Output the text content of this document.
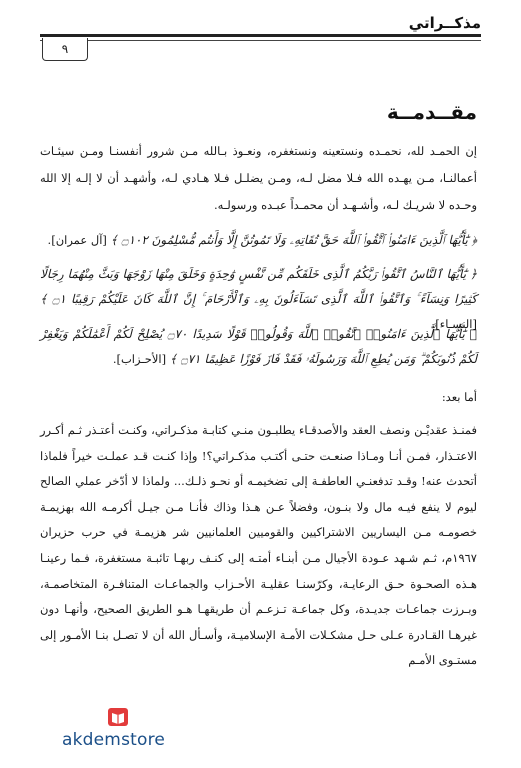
مذكــراتي
٩
مقــدمــة

إن الحمـد لله، نحمـده ونستعينه ونستغفره، ونعـوذ بـالله مـن شرور أنفسنـا ومـن سيئـات أعمالنـا، مـن يهـده الله فـلا مضل لـه، ومـن يضلـل فـلا هـادي لـه، وأشهـد أن لا إلـه إلا الله وحـده لا شريـك لـه، وأشـهـد أن محمـداً عبـده ورسولـه.

﴿ يَٰٓأَيُّهَا ٱلَّذِينَ ءَامَنُوا۟ ٱتَّقُوا۟ ٱللَّهَ حَقَّ تُقَاتِهِۦ وَلَا تَمُوتُنَّ إِلَّا وَأَنتُم مُّسْلِمُونَ ۝١٠٢ ﴾ [آل عمران].

﴿ يَٰٓأَيُّهَا ٱلنَّاسُ ٱتَّقُوا۟ رَبَّكُمُ ٱلَّذِى خَلَقَكُم مِّن نَّفْسٍ وَٰحِدَةٍ وَخَلَقَ مِنْهَا زَوْجَهَا وَبَثَّ مِنْهُمَا رِجَالًا كَثِيرًا وَنِسَآءً ۚ وَٱتَّقُوا۟ ٱللَّهَ ٱلَّذِى تَسَآءَلُونَ بِهِۦ وَٱلْأَرْحَامَ ۚ إِنَّ ٱللَّهَ كَانَ عَلَيْكُمْ رَقِيبًا ۝١ ﴾ [النسـاء].

﴿ يَٰٓأَيُّهَا ٱلَّذِينَ ءَامَنُوا۟ ٱتَّقُوا۟ ٱللَّهَ وَقُولُوا۟ قَوْلًا سَدِيدًا ۝٧٠ يُصْلِحْ لَكُمْ أَعْمَٰلَكُمْ وَيَغْفِرْ لَكُمْ ذُنُوبَكُمْ ۗ وَمَن يُطِعِ ٱللَّهَ وَرَسُولَهُۥ فَقَدْ فَازَ فَوْزًا عَظِيمًا ۝٧١ ﴾ [الأحـزاب].

أما بعد:

فمنـذ عقديْـن ونصف العقد والأصدقـاء يطلبـون منـي كتابـة مذكـراتي، وكنـت أعتـذر ثـم أكـرر الاعتـذار، فمـن أنـا ومـاذا صنعـت حتـى أكتـب مذكـراتي؟! وإذا كنـت قـد عملـت خيراً فلماذا أتحدث عنه! وقـد تدفعنـي العاطفـة إلى تضخيمـه أو نحـو ذلـك... ولماذا لا أدّخر عملي الصالح ليوم لا ينفع فيـه مال ولا بنـون، وفضلاً عـن هـذا وذاك فأنـا مـن جيـل أكرمـه الله بهزيمـة خصومـه مـن اليساريين الاشتراكيين والقوميين العلمانيين شر هزيمـة في حرب حزيران ١٩٦٧م، ثـم شـهد عـودة الأجيال مـن أبنـاء أمتـه إلى كنـف ربهـا تائبـة مستغفرة، فـما رعينـا هـذه الصحـوة حـق الرعايـة، وكرّسنـا عقليـة الأحـزاب والجماعـات المتنافـرة المتخاصمـة، وبـرزت جماعـات جديـدة، وكل جماعـة تـزعـم أن طريقهـا هـو الطريق الصحيح، وأنهـا دون غيرهـا القـادرة عـلى حـل مشكـلات الأمـة الإسلاميـة، وأسـأل الله أن لا تصـل بنـا الأمـور إلى مستـوى الأمـم

akdemstore
